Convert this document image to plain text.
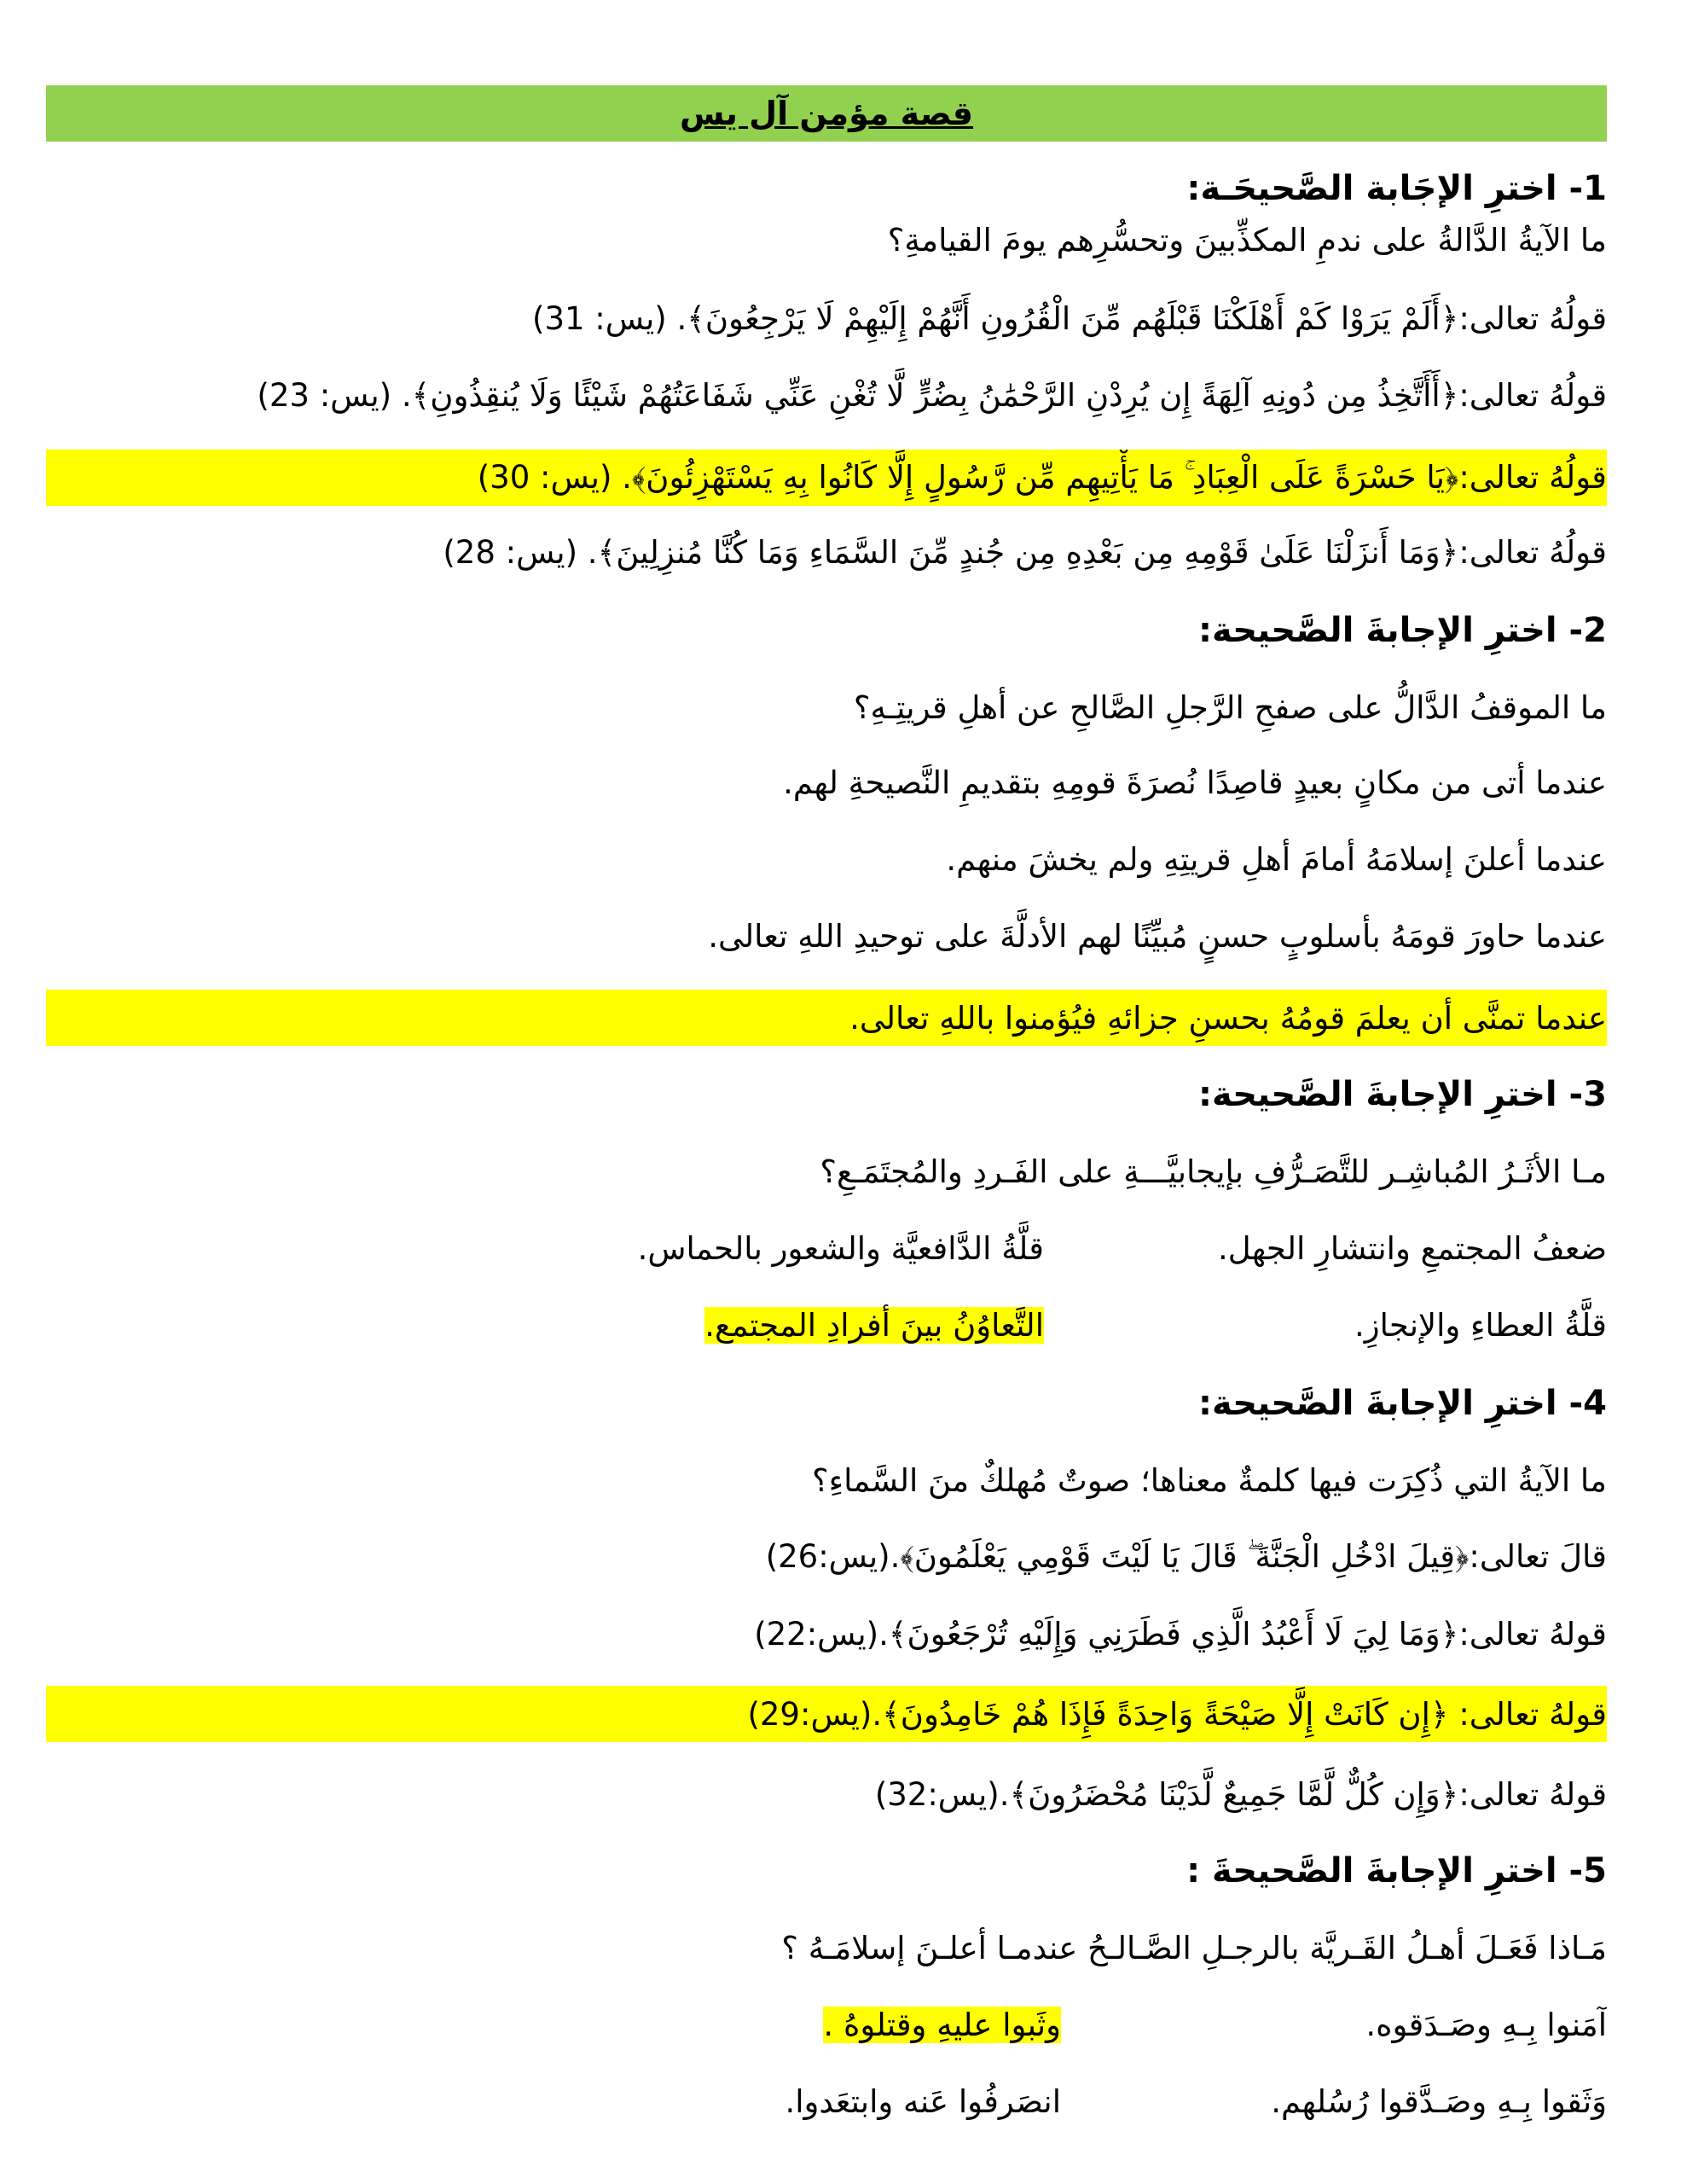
قصة مؤمن آل يس
1- اخترِ الإجَابة الصَّحيحَـة:
ما الآيةُ الدَّالةُ على ندمِ المكذِّبينَ وتحسُّرِهم يومَ القيامةِ؟
قولُهُ تعالى:﴿أَلَمْ يَرَوْا كَمْ أَهْلَكْنَا قَبْلَهُم مِّنَ الْقُرُونِ أَنَّهُمْ إِلَيْهِمْ لَا يَرْجِعُونَ﴾. (يس: 31)
قولُهُ تعالى:﴿أَأَتَّخِذُ مِن دُونِهِ آلِهَةً إِن يُرِدْنِ الرَّحْمَٰنُ بِضُرٍّ لَّا تُغْنِ عَنِّي شَفَاعَتُهُمْ شَيْئًا وَلَا يُنقِذُونِ﴾. (يس: 23)
قولُهُ تعالى:﴿يَا حَسْرَةً عَلَى الْعِبَادِ ۚ مَا يَأْتِيهِم مِّن رَّسُولٍ إِلَّا كَانُوا بِهِ يَسْتَهْزِئُونَ﴾. (يس: 30)
قولُهُ تعالى:﴿وَمَا أَنزَلْنَا عَلَىٰ قَوْمِهِ مِن بَعْدِهِ مِن جُندٍ مِّنَ السَّمَاءِ وَمَا كُنَّا مُنزِلِينَ﴾. (يس: 28)
2- اخترِ الإجابةَ الصَّحيحة:
ما الموقفُ الدَّالُّ على صفحِ الرَّجلِ الصَّالحِ عن أهلِ قريتِـهِ؟
عندما أتى من مكانٍ بعيدٍ قاصِدًا نُصرَةَ قومِهِ بتقديمِ النَّصيحةِ لهم.
عندما أعلنَ إسلامَهُ أمامَ أهلِ قريتِهِ ولم يخشَ منهم.
عندما حاورَ قومَهُ بأسلوبٍ حسنٍ مُبيِّنًا لهم الأدلَّةَ على توحيدِ اللهِ تعالى.
عندما تمنَّى أن يعلمَ قومُهُ بحسنِ جزائهِ فيُؤمنوا باللهِ تعالى.
3- اخترِ الإجابةَ الصَّحيحة:
مـا الأثَـرُ المُباشِـر للتَّصَـرُّفِ بإيجابيَّـــةِ على الفَـردِ والمُجتَمَـعِ؟
ضعفُ المجتمعِ وانتشارِ الجهل.
قلَّةُ الدَّافعيَّة والشعور بالحماس.
قلَّةُ العطاءِ والإنجازِ.
التَّعاوُنُ بينَ أفرادِ المجتمع.
4- اخترِ الإجابةَ الصَّحيحة:
ما الآيةُ التي ذُكِرَت فيها كلمةٌ معناها؛ صوتٌ مُهلكٌ منَ السَّماءِ؟
قالَ تعالى:﴿قِيلَ ادْخُلِ الْجَنَّةَ ۖ قَالَ يَا لَيْتَ قَوْمِي يَعْلَمُونَ﴾.(يس:26)
قولهُ تعالى:﴿وَمَا لِيَ لَا أَعْبُدُ الَّذِي فَطَرَنِي وَإِلَيْهِ تُرْجَعُونَ﴾.(يس:22)
قولهُ تعالى: ﴿إِن كَانَتْ إِلَّا صَيْحَةً وَاحِدَةً فَإِذَا هُمْ خَامِدُونَ﴾.(يس:29)
قولهُ تعالى:﴿وَإِن كُلٌّ لَّمَّا جَمِيعٌ لَّدَيْنَا مُحْضَرُونَ﴾.(يس:32)
5- اخترِ الإجابةَ الصَّحيحةَ :
مَـاذا فَعَـلَ أهـلُ القَـريَّة بالرجـلِ الصَّـالـحُ عندمـا أعلـنَ إسلامَـهُ ؟
آمَنوا بِـهِ وصَـدَقوه.
وثَبوا عليهِ وقتلوهُ .
وَثَقوا بِـهِ وصَـدَّقوا رُسُلهم.
انصَرفُوا عَنه وابتعَدوا.
